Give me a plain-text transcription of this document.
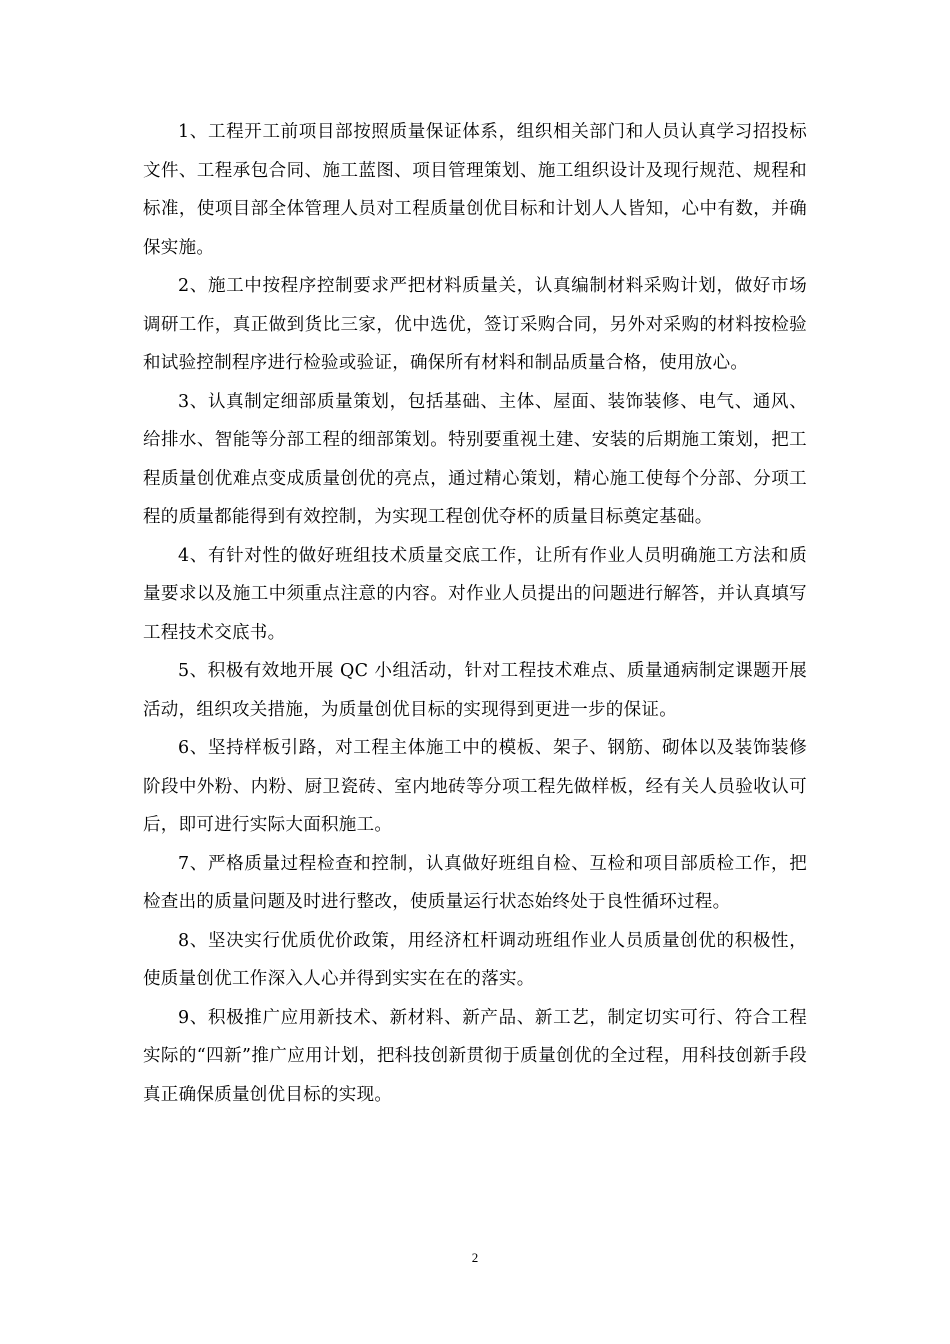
1、工程开工前项目部按照质量保证体系，组织相关部门和人员认真学习招投标文件、工程承包合同、施工蓝图、项目管理策划、施工组织设计及现行规范、规程和标准，使项目部全体管理人员对工程质量创优目标和计划人人皆知，心中有数，并确保实施。

2、施工中按程序控制要求严把材料质量关，认真编制材料采购计划，做好市场调研工作，真正做到货比三家，优中选优，签订采购合同，另外对采购的材料按检验和试验控制程序进行检验或验证，确保所有材料和制品质量合格，使用放心。

3、认真制定细部质量策划，包括基础、主体、屋面、装饰装修、电气、通风、给排水、智能等分部工程的细部策划。特别要重视土建、安装的后期施工策划，把工程质量创优难点变成质量创优的亮点，通过精心策划，精心施工使每个分部、分项工程的质量都能得到有效控制，为实现工程创优夺杯的质量目标奠定基础。

4、有针对性的做好班组技术质量交底工作，让所有作业人员明确施工方法和质量要求以及施工中须重点注意的内容。对作业人员提出的问题进行解答，并认真填写工程技术交底书。

5、积极有效地开展 QC 小组活动，针对工程技术难点、质量通病制定课题开展活动，组织攻关措施，为质量创优目标的实现得到更进一步的保证。

6、坚持样板引路，对工程主体施工中的模板、架子、钢筋、砌体以及装饰装修阶段中外粉、内粉、厨卫瓷砖、室内地砖等分项工程先做样板，经有关人员验收认可后，即可进行实际大面积施工。

7、严格质量过程检查和控制，认真做好班组自检、互检和项目部质检工作，把检查出的质量问题及时进行整改，使质量运行状态始终处于良性循环过程。

8、坚决实行优质优价政策，用经济杠杆调动班组作业人员质量创优的积极性，使质量创优工作深入人心并得到实实在在的落实。

9、积极推广应用新技术、新材料、新产品、新工艺，制定切实可行、符合工程实际的“四新”推广应用计划，把科技创新贯彻于质量创优的全过程，用科技创新手段真正确保质量创优目标的实现。

2
